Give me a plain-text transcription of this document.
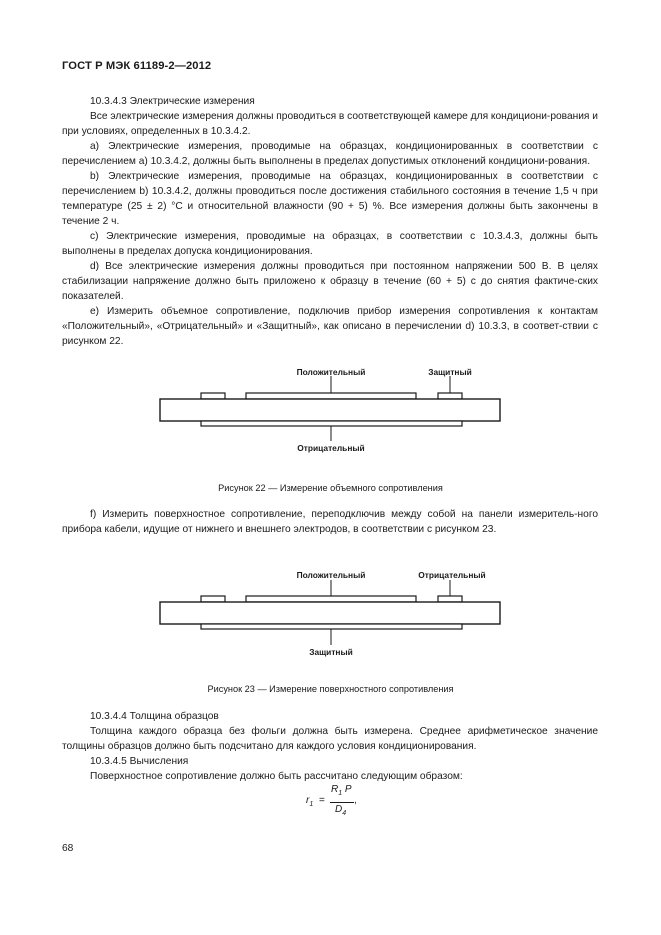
ГОСТ Р МЭК 61189-2—2012

10.3.4.3 Электрические измерения

Все электрические измерения должны проводиться в соответствующей камере для кондициони-рования и при условиях, определенных в 10.3.4.2.

a) Электрические измерения, проводимые на образцах, кондиционированных в соответствии с перечислением a) 10.3.4.2, должны быть выполнены в пределах допустимых отклонений кондициони-рования.

b) Электрические измерения, проводимые на образцах, кондиционированных в соответствии с перечислением b) 10.3.4.2, должны проводиться после достижения стабильного состояния в течение 1,5 ч при температуре (25 ± 2) °С и относительной влажности (90 + 5) %. Все измерения должны быть закончены в течение 2 ч.

c) Электрические измерения, проводимые на образцах, в соответствии с 10.3.4.3, должны быть выполнены в пределах допуска кондиционирования.

d) Все электрические измерения должны проводиться при постоянном напряжении 500 В. В целях стабилизации напряжение должно быть приложено к образцу в течение (60 + 5) с до снятия фактиче-ских показателей.

e) Измерить объемное сопротивление, подключив прибор измерения сопротивления к контактам «Положительный», «Отрицательный» и «Защитный», как описано в перечислении d) 10.3.3, в соответ-ствии с рисунком 22.

Положительный	Защитный
Отрицательный
Рисунок 22 — Измерение объемного сопротивления

f) Измерить поверхностное сопротивление, переподключив между собой на панели измеритель-ного прибора кабели, идущие от нижнего и внешнего электродов, в соответствии с рисунком 23.

Положительный	Отрицательный
Защитный
Рисунок 23 — Измерение поверхностного сопротивления

10.3.4.4 Толщина образцов

Толщина каждого образца без фольги должна быть измерена. Среднее арифметическое значение толщины образцов должно быть подсчитано для каждого условия кондиционирования.

10.3.4.5 Вычисления

Поверхностное сопротивление должно быть рассчитано следующим образом:

$r_1$ =
$R_1$ P
$D_4$
,
68
